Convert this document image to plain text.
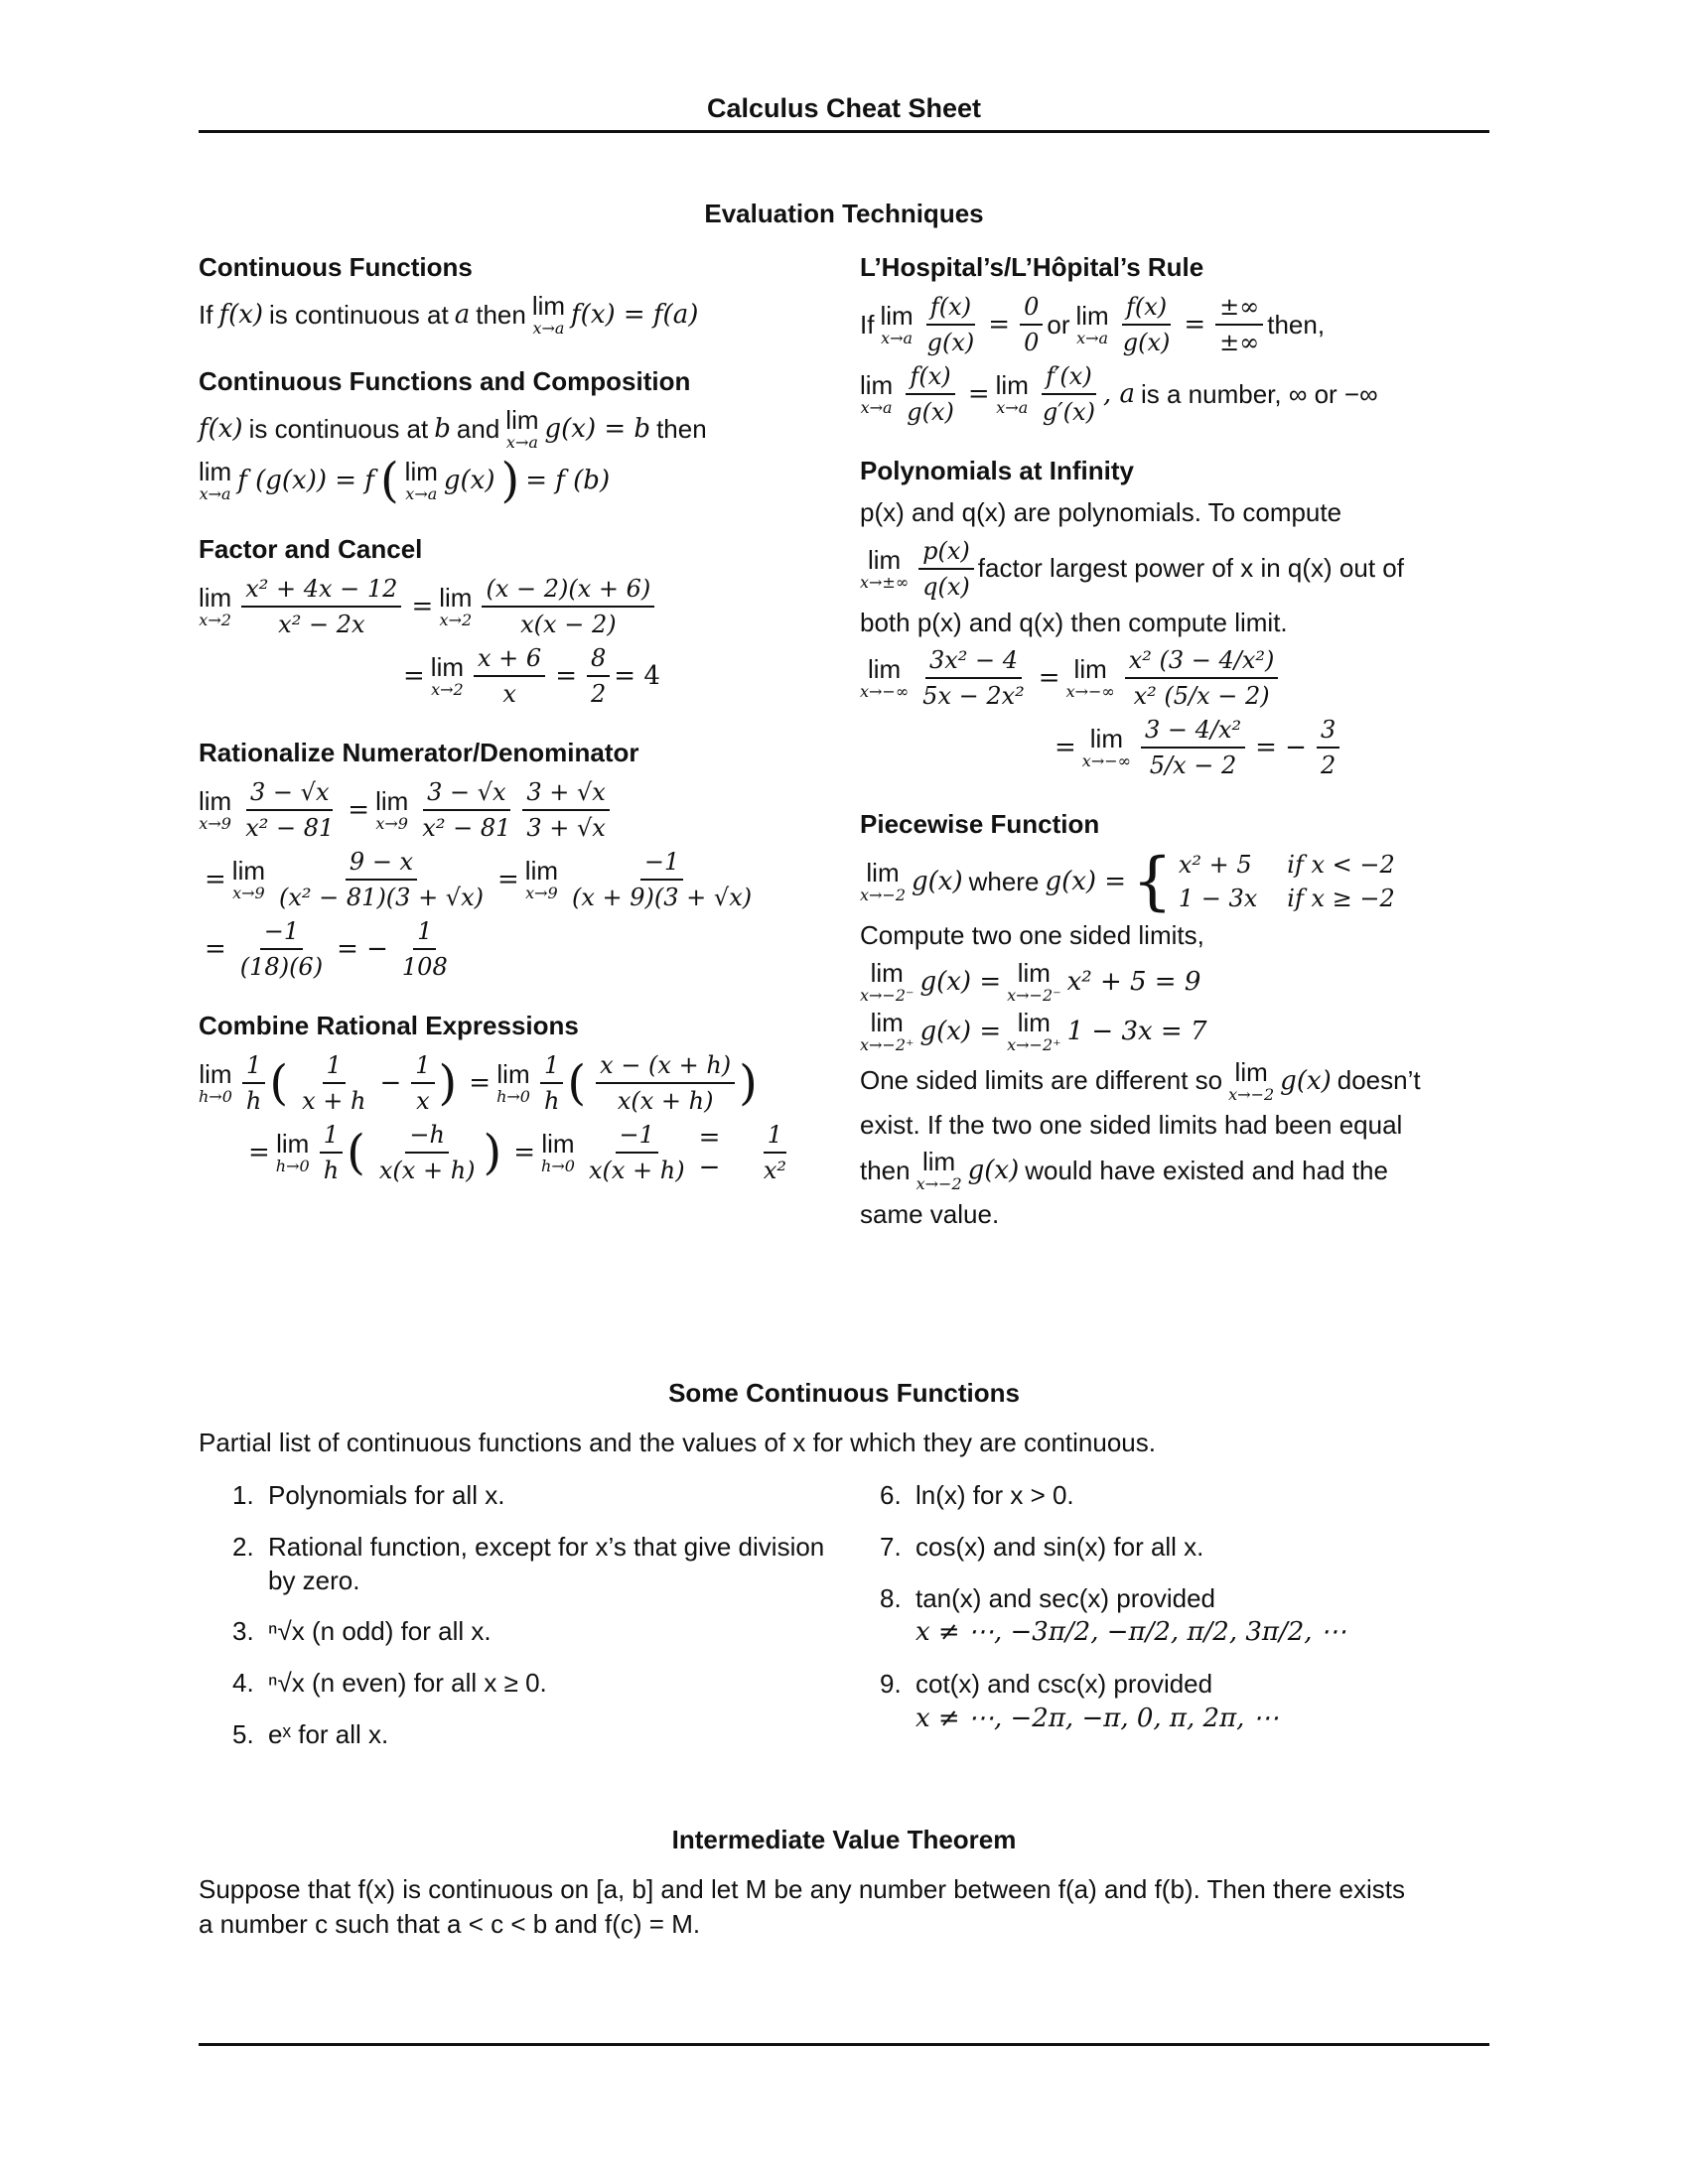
Calculus Cheat Sheet
Evaluation Techniques
Continuous Functions
If f(x) is continuous at a then lim
x→a f(x) = f(a)
Continuous Functions and Composition
f(x) is continuous at b and lim
x→a g(x) = b then
lim
x→a f (g(x)) = f ( lim
x→a g(x) ) = f (b)
Factor and Cancel
lim
$x\to 2 \frac{\text{x² + 4x − 12}}{\text{x² − 2x}} = \lim$
$x\to 2 \frac{(x - 2)(x + 6)}{x(x - 2)}$
= lim
$x\to 2 \frac{x + 6}{x} = \frac{8}{2} = 4$
Rationalize Numerator/Denominator
lim
$x\to 9 \frac{3 - √x}{\text{x² − 81}} = \lim$
$x\to 9 \frac{3 - √x}{\text{x² − 81}} \frac{3 + √x}{3 + √x}$
= lim
$x\to 9 \frac{9 - x}{\text{(x² − 81)(3 + √x)}} = \lim$
$x\to 9 \frac{-1}{(x + 9)(3 + √x)}$
= $\frac{-1}{(18)(6)}$ = − $\frac{1}{108}$
Combine Rational Expressions
lim
$h\to 0 \frac{1}{h}$ ( $\frac{1}{x + h} - \frac{1}{x}$ ) = lim
$h\to 0 \frac{1}{h}$ ( $\frac{x - (x + h)}{x(x + h)}$ )
= lim
$h\to 0 \frac{1}{h}$ ( $\frac{-h}{x(x + h)}$ ) = lim
$h\to 0 \frac{-1}{x(x + h)}$ = −	$\frac{1}{\text{x²}}$
L’Hospital’s/L’Hôpital’s Rule
If lim
$x\to a \frac{f(x)}{g(x)} = \frac{0}{0}$ or lim
$x\to a \frac{f(x)}{g(x)} = \frac{\pm\infty}{\pm\infty}$ then,
lim
$x\to a \frac{f(x)}{g(x)} = \lim$
$x\to a \frac{f'(x)}{g'(x)}$ , a is a number, ∞ or −∞
Polynomials at Infinity
p(x) and q(x) are polynomials. To compute
lim
$x\to\pm\infty \frac{p(x)}{q(x)}$ factor largest power of x in q(x) out of
both p(x) and q(x) then compute limit.
lim
$x\to-\infty \frac{\text{3x² − 4}}{\text{5x − 2x²}} = \lim$
$x\to-\infty \frac{\text{x² (3 − 4/x²)}}{\text{x² (5/x − 2)}}$
= lim
$x\to-\infty \frac{\text{3 − 4/x²}}{5/x - 2}$ = − $\frac{3}{2}$
Piecewise Function
lim
x→−2 g(x) where g(x) = { x² + 5 if x < −2
1 − 3x if x ≥ −2
Compute two one sided limits,
lim
x→−2⁻ g(x) = lim
x→−2⁻ x² + 5 = 9
lim
x→−2⁺ g(x) = lim
x→−2⁺ 1 − 3x = 7
One sided limits are different so lim
x→−2 g(x) doesn’t
exist. If the two one sided limits had been equal
then lim
x→−2 g(x) would have existed and had the
same value.
Some Continuous Functions
Partial list of continuous functions and the values of x for which they are continuous.
1. Polynomials for all x.
2. Rational function, except for x’s that give division by zero.
3. ⁿ√x (n odd) for all x.
4. ⁿ√x (n even) for all x ≥ 0.
5. eˣ for all x.
6. ln(x) for x > 0.
7. cos(x) and sin(x) for all x.
8. tan(x) and sec(x) provided
x ≠ ⋯, −3π/2, −π/2, π/2, 3π/2, ⋯
9. cot(x) and csc(x) provided
x ≠ ⋯, −2π, −π, 0, π, 2π, ⋯
Intermediate Value Theorem
Suppose that f(x) is continuous on [a, b] and let M be any number between f(a) and f(b). Then there exists
a number c such that a < c < b and f(c) = M.
